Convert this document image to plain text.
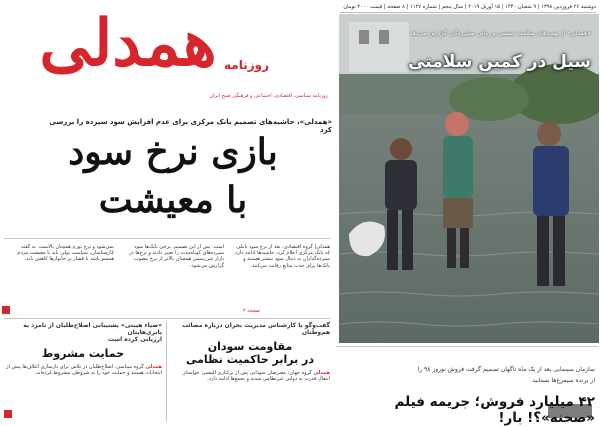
همدلی روزنامه
روزنامه سیاسی، اقتصادی، اجتماعی و فرهنگی صبح ایران
دوشنبه ۲۶ فروردین ۱۳۹۸ | ۹ شعبان ۱۴۴۰ | ۱۵ آوریل ۲۰۱۹ | سال پنجم | شماره ۱۱۲۷ | ۸ صفحه | قیمت ۲۰۰۰ تومان
«همدلی» از تهدیدهای سلامت جسمی و روانی سیل‌زدگان گزارش می‌دهد
سیل در کمین سلامتی
«همدلی»، حاشیه‌های تصمیم بانک مرکزی برای عدم افزایش سود سپرده را بررسی کرد
بازی نرخ سود
با معیشت
همدلی| گروه اقتصادی: بعد از نرخ سود بانکی که بانک مرکزی اعلام کرد، حاشیه‌ها ادامه دارد. سپرده‌گذاران به دنبال سود بیشتر هستند و بانک‌ها برای جذب منابع رقابت می‌کنند.
است. پس از این تصمیم، برخی بانک‌ها سود سپرده‌های کوتاه‌مدت را تغییر دادند و نرخ‌ها در بازار غیررسمی همچنان بالاتر از نرخ مصوب گزارش می‌شود.
نمی‌شود و نرخ تورم همچنان بالاست. به گفته کارشناسان، سیاست پولی باید با معیشت مردم همسو باشد تا فشار بر خانوارها کاهش یابد.
صفحه ۲
«ضیاء هیبتی» پشتیبانی اصلاح‌طلبان از نامزد به بابری‌هایتان
ارزیابی کرده است
حمایت مشروط
همدلی گروه سیاسی: اصلاح‌طلبان در تلاش برای بازسازی ائتلاف‌ها پیش از انتخابات هستند و حمایت خود را به شروطی مشروط کرده‌اند.
گفت‌وگو با کارشناس مدیریت بحران درباره مصائب هم‌وطنان
مقاومت سودان
در برابر حاکمیت نظامی
همدلی گروه جهان: معترضان سودانی پس از برکناری البشیر، خواستار انتقال قدرت به دولتی غیرنظامی شدند و تجمع‌ها ادامه دارد.
سازمان سینمایی بعد از یک ماه ناگهان تصمیم گرفت فروش نوروز ۹۸ را
از برنده سیمرغ‌ها بستانید
۴۲ میلیارد فروش؛ جریمه فیلم «صحنه»؟! بار!
